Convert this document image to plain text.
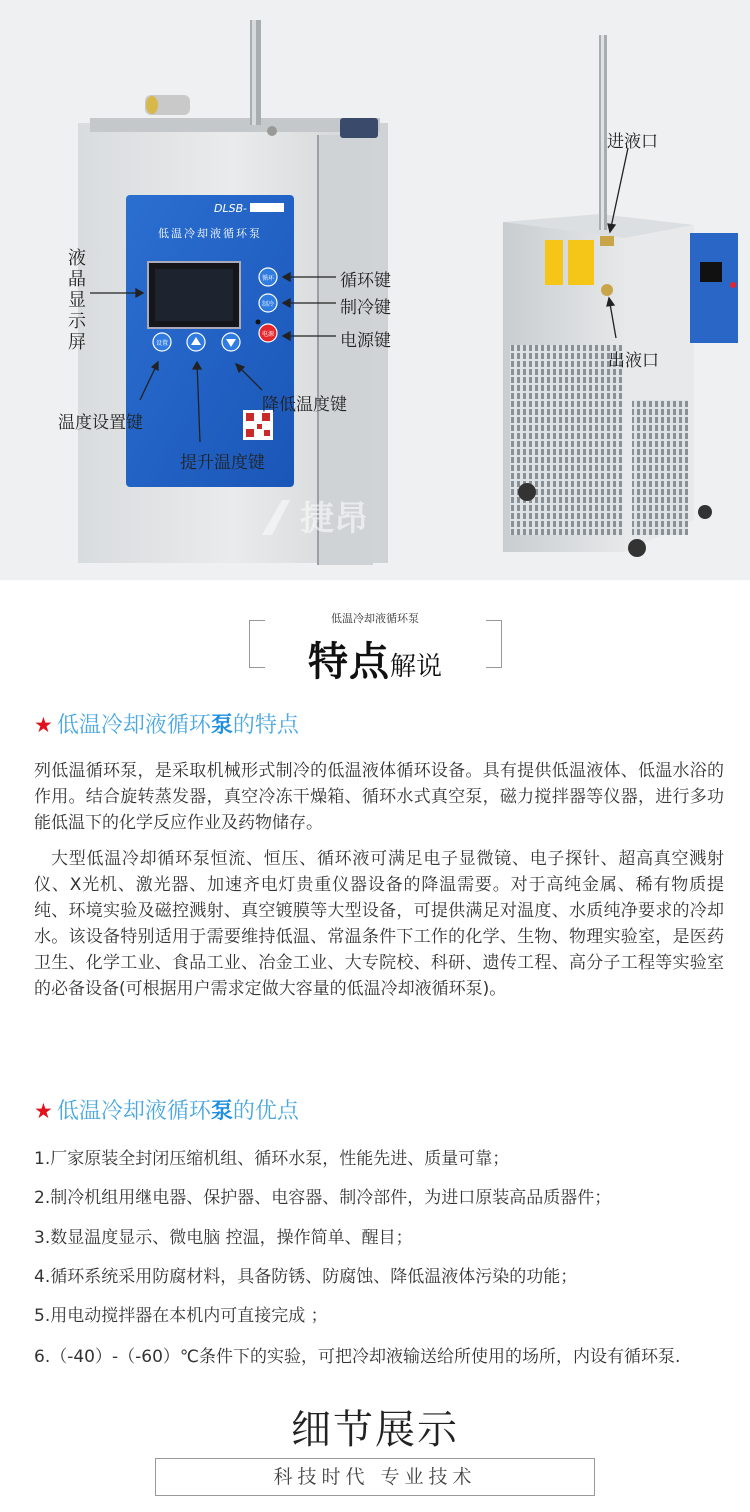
DLSB-
低温冷却液循环泵
设置
循环
制冷
电源
捷昂
液晶显示屏
循环键
制冷键
电源键
降低温度键
温度设置键
提升温度键
进液口
出液口
低温冷却液循环泵
特点解说
★ 低温冷却液循环泵的特点
列低温循环泵，是采取机械形式制冷的低温液体循环设备。具有提供低温液体、低温水浴的作用。结合旋转蒸发器，真空冷冻干燥箱、循环水式真空泵，磁力搅拌器等仪器，进行多功能低温下的化学反应作业及药物储存。
大型低温冷却循环泵恒流、恒压、循环液可满足电子显微镜、电子探针、超高真空溅射仪、X光机、激光器、加速齐电灯贵重仪器设备的降温需要。对于高纯金属、稀有物质提纯、环境实验及磁控溅射、真空镀膜等大型设备，可提供满足对温度、水质纯净要求的冷却水。该设备特别适用于需要维持低温、常温条件下工作的化学、生物、物理实验室，是医药卫生、化学工业、食品工业、冶金工业、大专院校、科研、遗传工程、高分子工程等实验室的必备设备(可根据用户需求定做大容量的低温冷却液循环泵)。
★ 低温冷却液循环泵的优点
1.厂家原装全封闭压缩机组、循环水泵，性能先进、质量可靠；
2.制冷机组用继电器、保护器、电容器、制冷部件，为进口原装高品质器件；
3.数显温度显示、微电脑 控温，操作简单、醒目；
4.循环系统采用防腐材料，具备防锈、防腐蚀、降低温液体污染的功能；
5.用电动搅拌器在本机内可直接完成 ；
6.（-40）-（-60）℃条件下的实验，可把冷却液输送给所使用的场所，内设有循环泵.
细节展示
科技时代 专业技术
